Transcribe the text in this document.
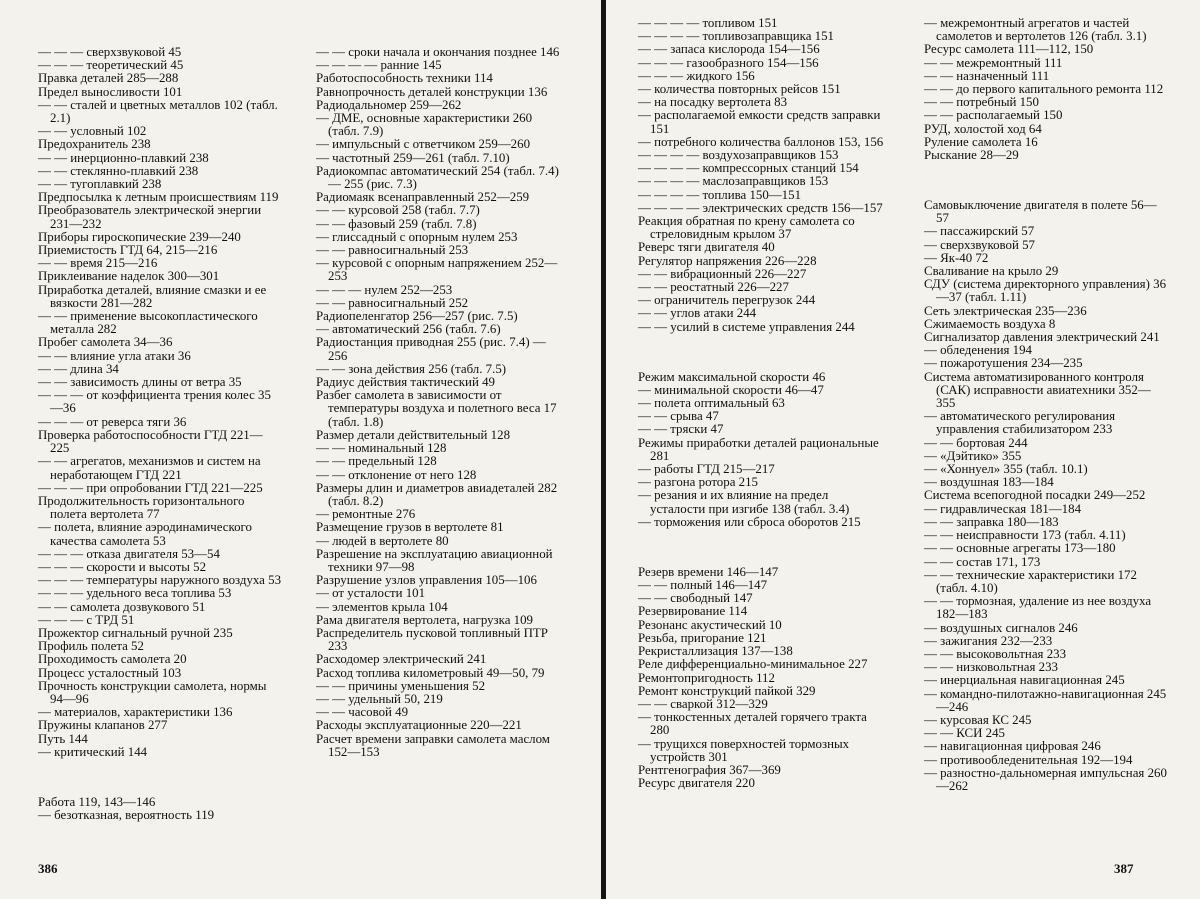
— — — сверхзвуковой 45

— — — теоретический 45

Правка деталей 285—288

Предел выносливости 101

— — сталей и цветных металлов 102 (табл. 2.1)

— — условный 102

Предохранитель 238

— — инерционно-плавкий 238

— — стеклянно-плавкий 238

— — тугоплавкий 238

Предпосылка к летным происшествиям 119

Преобразователь электрической энергии 231—232

Приборы гироскопические 239—240

Приемистость ГТД 64, 215—216

— — время 215—216

Приклеивание наделок 300—301

Приработка деталей, влияние смазки и ее вязкости 281—282

— — применение высокопластического металла 282

Пробег самолета 34—36

— — влияние угла атаки 36

— — длина 34

— — зависимость длины от ветра 35

— — — от коэффициента трения колес 35—36

— — — от реверса тяги 36

Проверка работоспособности ГТД 221—225

— — агрегатов, механизмов и систем на неработающем ГТД 221

— — — при опробовании ГТД 221—225

Продолжительность горизонтального полета вертолета 77

— полета, влияние аэродинамического качества самолета 53

— — — отказа двигателя 53—54

— — — скорости и высоты 52

— — — температуры наружного воздуха 53

— — — удельного веса топлива 53

— — самолета дозвукового 51

— — — с ТРД 51

Прожектор сигнальный ручной 235

Профиль полета 52

Проходимость самолета 20

Процесс усталостный 103

Прочность конструкции самолета, нормы 94—96

— материалов, характеристики 136

Пружины клапанов 277

Путь 144

— критический 144

Работа 119, 143—146

— безотказная, вероятность 119

— — сроки начала и окончания позднее 146

— — — — ранние 145

Работоспособность техники 114

Равнопрочность деталей конструкции 136

Радиодальномер 259—262

— ДМЕ, основные характеристики 260 (табл. 7.9)

— импульсный с ответчиком 259—260

— частотный 259—261 (табл. 7.10)

Радиокомпас автоматический 254 (табл. 7.4) — 255 (рис. 7.3)

Радиомаяк всенаправленный 252—259

— — курсовой 258 (табл. 7.7)

— — фазовый 259 (табл. 7.8)

— глиссадный с опорным нулем 253

— — равносигнальный 253

— курсовой с опорным напряжением 252—253

— — — нулем 252—253

— — равносигнальный 252

Радиопеленгатор 256—257 (рис. 7.5)

— автоматический 256 (табл. 7.6)

Радиостанция приводная 255 (рис. 7.4) — 256

— — зона действия 256 (табл. 7.5)

Радиус действия тактический 49

Разбег самолета в зависимости от температуры воздуха и полетного веса 17 (табл. 1.8)

Размер детали действительный 128

— — номинальный 128

— — предельный 128

— — отклонение от него 128

Размеры длин и диаметров авиадеталей 282 (табл. 8.2)

— ремонтные 276

Размещение грузов в вертолете 81

— людей в вертолете 80

Разрешение на эксплуатацию авиационной техники 97—98

Разрушение узлов управления 105—106

— от усталости 101

— элементов крыла 104

Рама двигателя вертолета, нагрузка 109

Распределитель пусковой топливный ПТР 233

Расходомер электрический 241

Расход топлива километровый 49—50, 79

— — причины уменьшения 52

— — удельный 50, 219

— — часовой 49

Расходы эксплуатационные 220—221

Расчет времени заправки самолета маслом 152—153

386

— — — — топливом 151

— — — — топливозаправщика 151

— — запаса кислорода 154—156

— — — газообразного 154—156

— — — жидкого 156

— количества повторных рейсов 151

— на посадку вертолета 83

— располагаемой емкости средств заправки 151

— потребного количества баллонов 153, 156

— — — — воздухозаправщиков 153

— — — — компрессорных станций 154

— — — — маслозаправщиков 153

— — — — топлива 150—151

— — — — электрических средств 156—157

Реакция обратная по крену самолета со стреловидным крылом 37

Реверс тяги двигателя 40

Регулятор напряжения 226—228

— — вибрационный 226—227

— — реостатный 226—227

— ограничитель перегрузок 244

— — углов атаки 244

— — усилий в системе управления 244

Режим максимальной скорости 46

— минимальной скорости 46—47

— полета оптимальный 63

— — срыва 47

— — тряски 47

Режимы приработки деталей рациональные 281

— работы ГТД 215—217

— разгона ротора 215

— резания и их влияние на предел усталости при изгибе 138 (табл. 3.4)

— торможения или сброса оборотов 215

Резерв времени 146—147

— — полный 146—147

— — свободный 147

Резервирование 114

Резонанс акустический 10

Резьба, пригорание 121

Рекристаллизация 137—138

Реле дифференциально-минимальное 227

Ремонтопригодность 112

Ремонт конструкций пайкой 329

— — сваркой 312—329

— тонкостенных деталей горячего тракта 280

— трущихся поверхностей тормозных устройств 301

Рентгенография 367—369

Ресурс двигателя 220

— межремонтный агрегатов и частей самолетов и вертолетов 126 (табл. 3.1)

Ресурс самолета 111—112, 150

— — межремонтный 111

— — назначенный 111

— — до первого капитального ремонта 112

— — потребный 150

— — располагаемый 150

РУД, холостой ход 64

Руление самолета 16

Рыскание 28—29

Самовыключение двигателя в полете 56—57

— пассажирский 57

— сверхзвуковой 57

— Як-40 72

Сваливание на крыло 29

СДУ (система директорного управления) 36—37 (табл. 1.11)

Сеть электрическая 235—236

Сжимаемость воздуха 8

Сигнализатор давления электрический 241

— обледенения 194

— пожаротушения 234—235

Система автоматизированного контроля (САК) исправности авиатехники 352—355

— автоматического регулирования управления стабилизатором 233

— — бортовая 244

— «Дэйтико» 355

— «Хоннуел» 355 (табл. 10.1)

— воздушная 183—184

Система всепогодной посадки 249—252

— гидравлическая 181—184

— — заправка 180—183

— — неисправности 173 (табл. 4.11)

— — основные агрегаты 173—180

— — состав 171, 173

— — технические характеристики 172 (табл. 4.10)

— — тормозная, удаление из нее воздуха 182—183

— воздушных сигналов 246

— зажигания 232—233

— — высоковольтная 233

— — низковольтная 233

— инерциальная навигационная 245

— командно-пилотажно-навигационная 245—246

— курсовая КС 245

— — КСИ 245

— навигационная цифровая 246

— противообледенительная 192—194

— разностно-дальномерная импульсная 260—262

387
